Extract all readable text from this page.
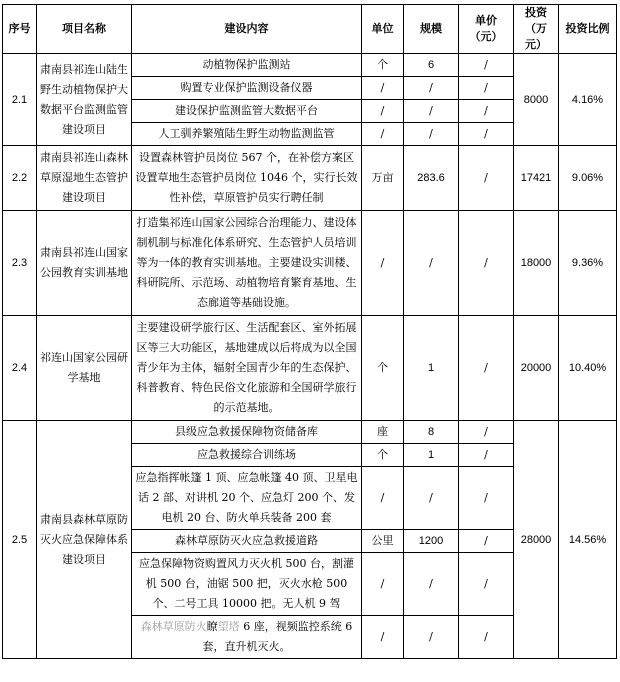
序号	项目名称	建设内容	单位	规模	单价（元）	投资（万元）	投资比例
2.1	肃南县祁连山陆生野生动植物保护大数据平台监测监管建设项目	动植物保护监测站	个	6	/	8000	4.16%
		购置专业保护监测设备仪器	/	/	/		
		建设保护监测监管大数据平台	/	/	/		
		人工驯养繁殖陆生野生动物监测监管	/	/	/		
2.2	肃南县祁连山森林草原湿地生态管护建设项目	设置森林管护员岗位 567 个，在补偿方案区设置草地生态管护员岗位 1046 个，实行长效性补偿，草原管护员实行聘任制	万亩	283.6	/	17421	9.06%
2.3	肃南县祁连山国家公园教育实训基地	打造集祁连山国家公园综合治理能力、建设体制机制与标准化体系研究、生态管护人员培训等为一体的教育实训基地。主要建设实训楼、科研院所、示范场、动植物培育繁育基地、生态廊道等基础设施。	/	/	/	18000	9.36%
2.4	祁连山国家公园研学基地	主要建设研学旅行区、生活配套区、室外拓展区等三大功能区，基地建成以后将成为以全国青少年为主体，辐射全国青少年的生态保护、科普教育、特色民俗文化旅游和全国研学旅行的示范基地。	个	1	/	20000	10.40%
2.5	肃南县森林草原防灭火应急保障体系建设项目	县级应急救援保障物资储备库	座	8	/	28000	14.56%
		应急救援综合训练场	个	1	/		
		应急指挥帐篷 1 顶、应急帐篷 40 顶、卫星电话 2 部、对讲机 20 个、应急灯 200 个、发电机 20 台、防火单兵装备 200 套	/	/	/		
		森林草原防灭火应急救援道路	公里	1200	/		
		应急保障物资购置风力灭火机 500 台，割灌机 500 台，油锯 500 把，灭火水枪 500 个、二号工具 10000 把。无人机 9 驾	/	/	/		
		森林草原防火瞭望塔 6 座，视频监控系统 6 套，直升机灭火。	/	/	/		
